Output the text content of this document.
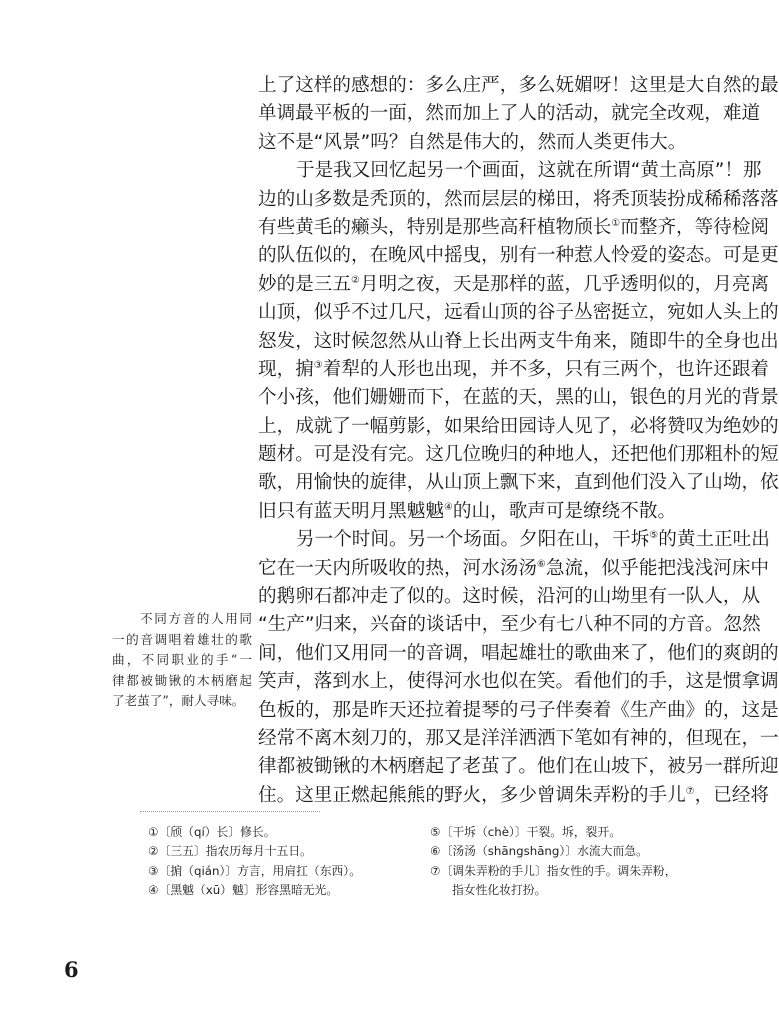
上了这样的感想的：多么庄严，多么妩媚呀！这里是大自然的最
单调最平板的一面，然而加上了人的活动，就完全改观，难道
这不是“风景”吗？自然是伟大的，然而人类更伟大。
于是我又回忆起另一个画面，这就在所谓“黄土高原”！那
边的山多数是秃顶的，然而层层的梯田，将秃顶装扮成稀稀落落
有些黄毛的癞头，特别是那些高秆植物颀长①而整齐，等待检阅
的队伍似的，在晚风中摇曳，别有一种惹人怜爱的姿态。可是更
妙的是三五②月明之夜，天是那样的蓝，几乎透明似的，月亮离
山顶，似乎不过几尺，远看山顶的谷子丛密挺立，宛如人头上的
怒发，这时候忽然从山脊上长出两支牛角来，随即牛的全身也出
现，掮③着犁的人形也出现，并不多，只有三两个，也许还跟着
个小孩，他们姗姗而下，在蓝的天，黑的山，银色的月光的背景
上，成就了一幅剪影，如果给田园诗人见了，必将赞叹为绝妙的
题材。可是没有完。这几位晚归的种地人，还把他们那粗朴的短
歌，用愉快的旋律，从山顶上飘下来，直到他们没入了山坳，依
旧只有蓝天明月黑魆魆④的山，歌声可是缭绕不散。
另一个时间。另一个场面。夕阳在山，干坼⑤的黄土正吐出
它在一天内所吸收的热，河水汤汤⑥急流，似乎能把浅浅河床中
的鹅卵石都冲走了似的。这时候，沿河的山坳里有一队人，从
“生产”归来，兴奋的谈话中，至少有七八种不同的方音。忽然
间，他们又用同一的音调，唱起雄壮的歌曲来了，他们的爽朗的
笑声，落到水上，使得河水也似在笑。看他们的手，这是惯拿调
色板的，那是昨天还拉着提琴的弓子伴奏着《生产曲》的，这是
经常不离木刻刀的，那又是洋洋洒洒下笔如有神的，但现在，一
律都被锄锹的木柄磨起了老茧了。他们在山坡下，被另一群所迎
住。这里正燃起熊熊的野火，多少曾调朱弄粉的手儿⑦，已经将
不同方音的人用同
一的音调唱着雄壮的歌
曲，不同职业的手“一
律都被锄锹的木柄磨起
了老茧了”，耐人寻味。
①〔颀（qí）长〕修长。
②〔三五〕指农历每月十五日。
③〔掮（qián）〕方言，用肩扛（东西）。
④〔黑魆（xū）魆〕形容黑暗无光。
⑤〔干坼（chè）〕干裂。坼，裂开。
⑥〔汤汤（shāngshāng）〕水流大而急。
⑦〔调朱弄粉的手儿〕指女性的手。调朱弄粉，
指女性化妆打扮。
6
